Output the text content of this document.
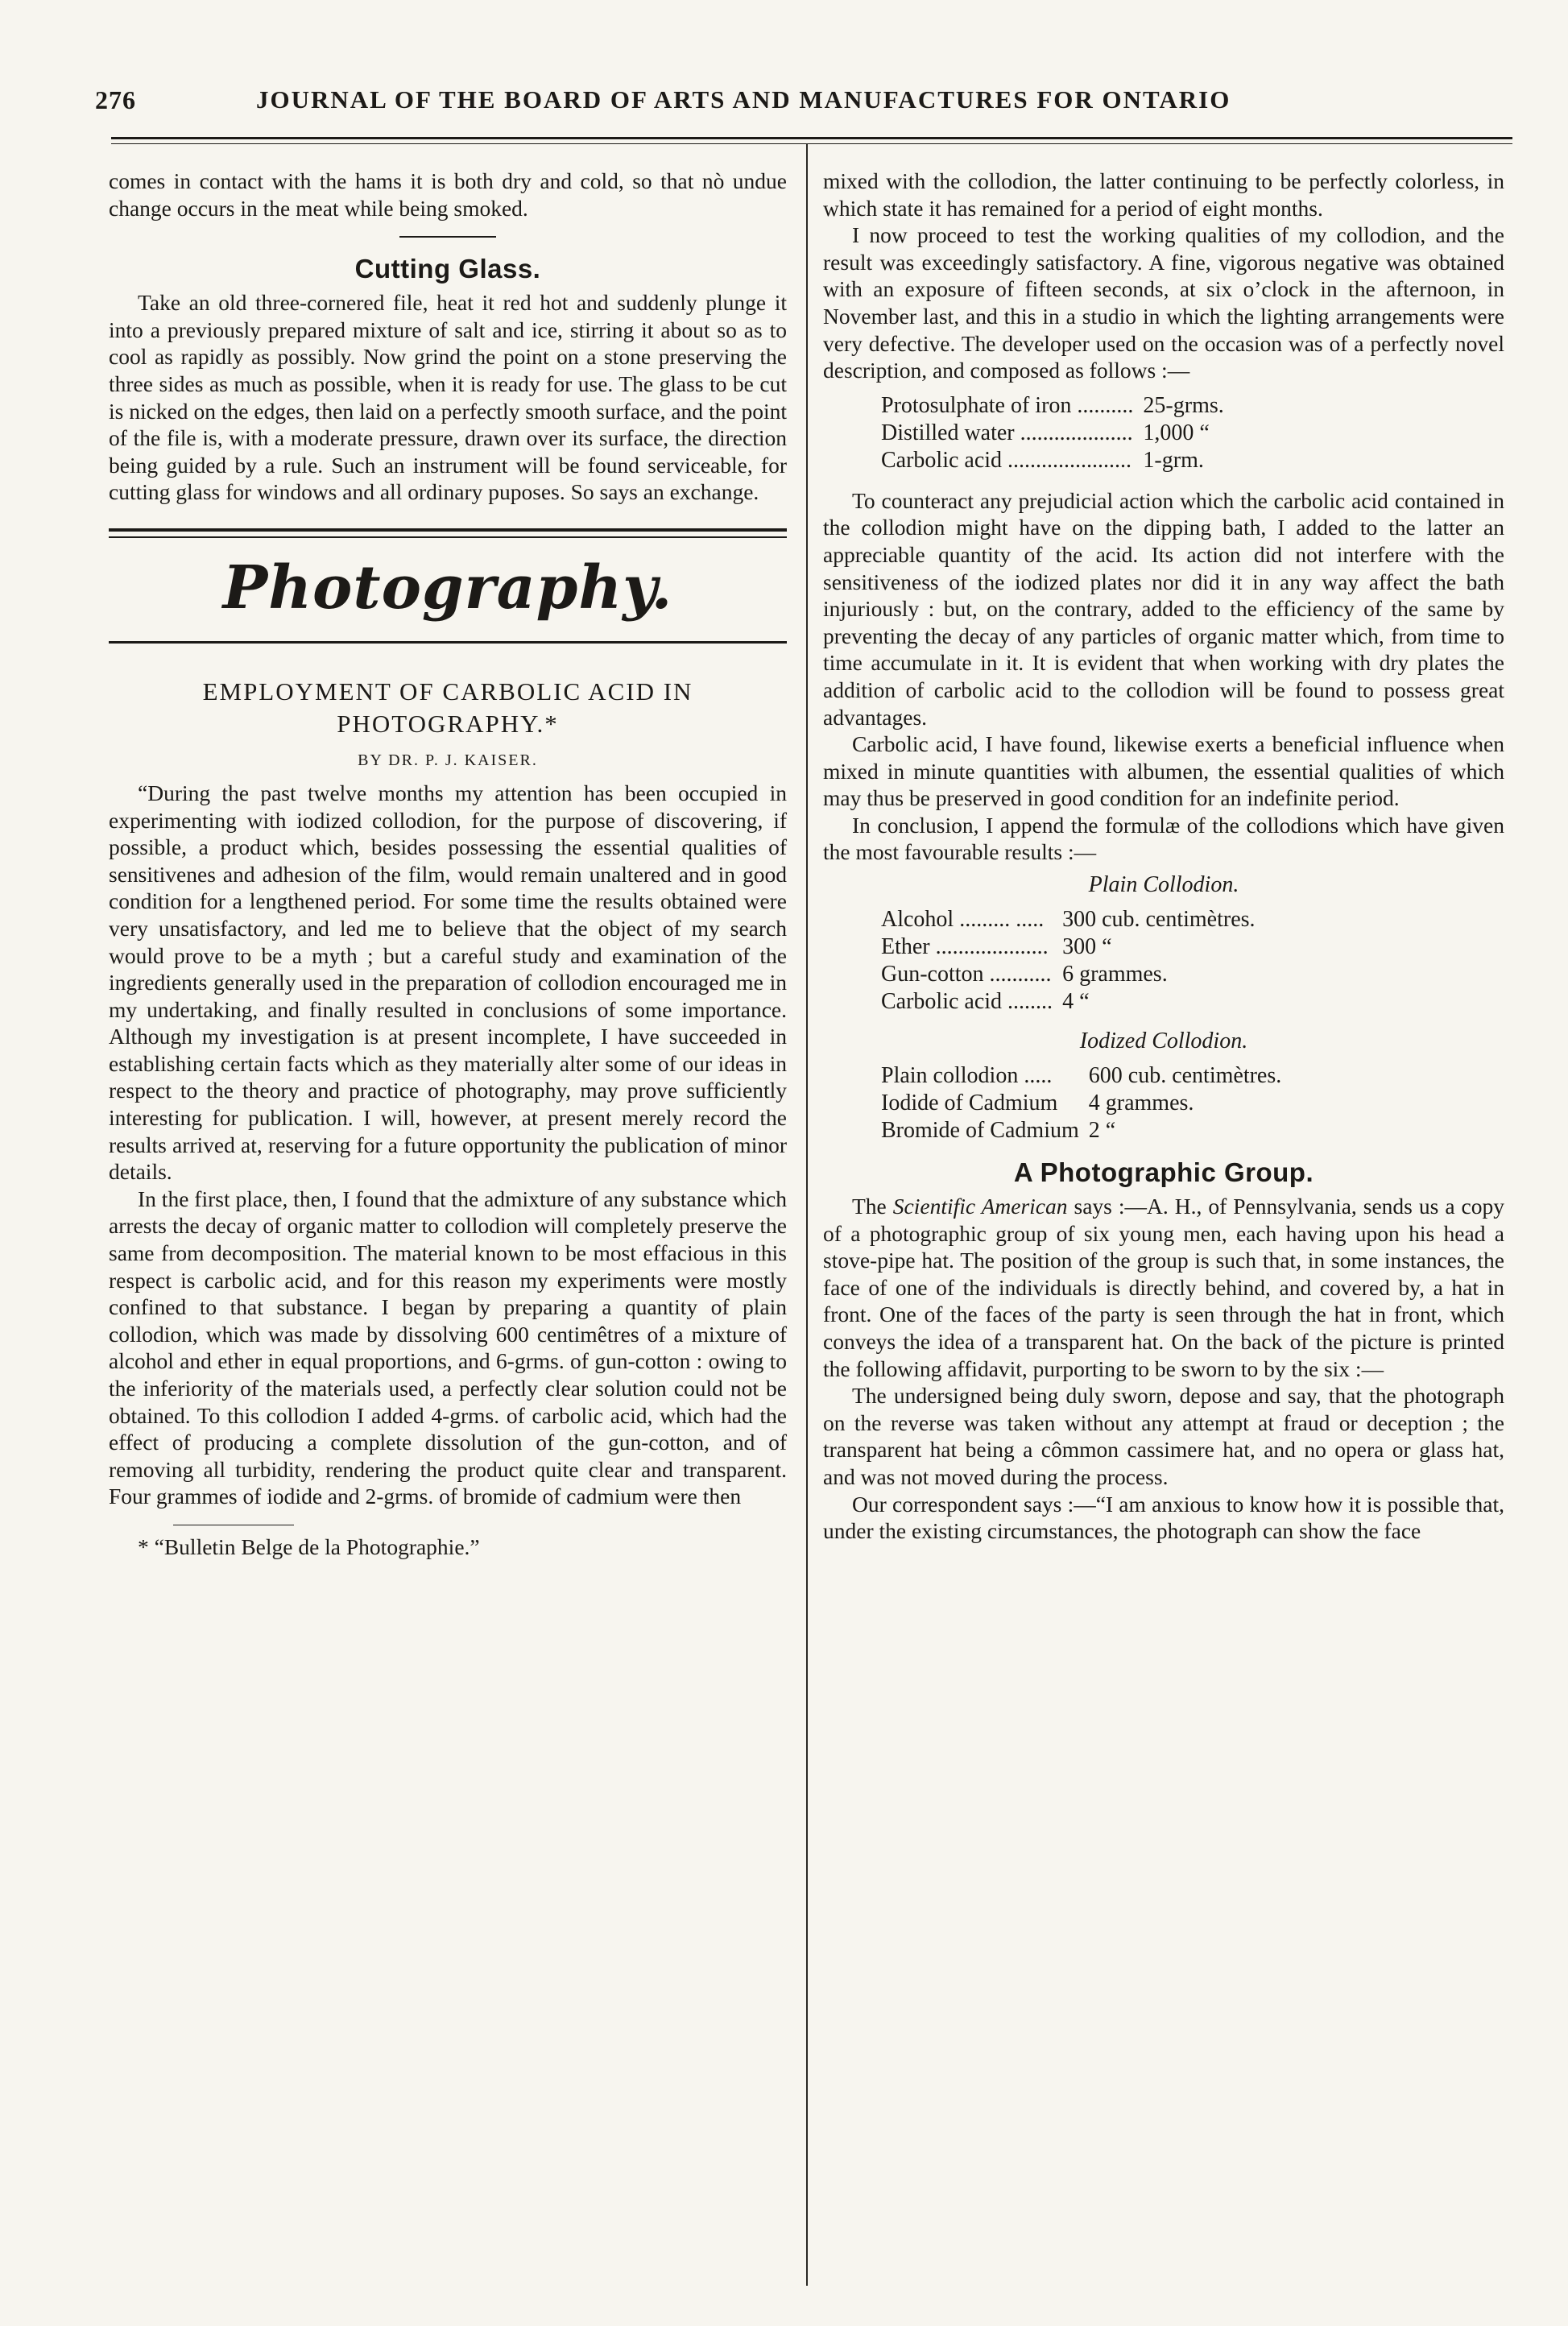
276	JOURNAL OF THE BOARD OF ARTS AND MANUFACTURES FOR ONTARIO

comes in contact with the hams it is both dry and cold, so that nò undue change occurs in the meat while being smoked.

Cutting Glass.

Take an old three-cornered file, heat it red hot and suddenly plunge it into a previously prepared mixture of salt and ice, stirring it about so as to cool as rapidly as possibly. Now grind the point on a stone preserving the three sides as much as possible, when it is ready for use. The glass to be cut is nicked on the edges, then laid on a perfectly smooth surface, and the point of the file is, with a moderate pressure, drawn over its surface, the direction being guided by a rule. Such an instrument will be found serviceable, for cutting glass for windows and all ordinary puposes. So says an exchange.

Photography.
EMPLOYMENT OF CARBOLIC ACID IN PHOTOGRAPHY.*
BY DR. P. J. KAISER.

“During the past twelve months my attention has been occupied in experimenting with iodized collodion, for the purpose of discovering, if possible, a product which, besides possessing the essential qualities of sensitivenes and adhesion of the film, would remain unaltered and in good condition for a lengthened period. For some time the results obtained were very unsatisfactory, and led me to believe that the object of my search would prove to be a myth ; but a careful study and examination of the ingredients generally used in the preparation of collodion encouraged me in my undertaking, and finally resulted in conclusions of some importance. Although my investigation is at present incomplete, I have succeeded in establishing certain facts which as they materially alter some of our ideas in respect to the theory and practice of photography, may prove sufficiently interesting for publication. I will, however, at present merely record the results arrived at, reserving for a future opportunity the publication of minor details.

In the first place, then, I found that the admixture of any substance which arrests the decay of organic matter to collodion will completely preserve the same from decomposition. The material known to be most effacious in this respect is carbolic acid, and for this reason my experiments were mostly confined to that substance. I began by preparing a quantity of plain collodion, which was made by dissolving 600 centimêtres of a mixture of alcohol and ether in equal proportions, and 6-grms. of gun-cotton : owing to the inferiority of the materials used, a perfectly clear solution could not be obtained. To this collodion I added 4-grms. of carbolic acid, which had the effect of producing a complete dissolution of the gun-cotton, and of removing all turbidity, rendering the product quite clear and transparent. Four grammes of iodide and 2-grms. of bromide of cadmium were then

* “Bulletin Belge de la Photographie.”

mixed with the collodion, the latter continuing to be perfectly colorless, in which state it has remained for a period of eight months.

I now proceed to test the working qualities of my collodion, and the result was exceedingly satisfactory. A fine, vigorous negative was obtained with an exposure of fifteen seconds, at six o’clock in the afternoon, in November last, and this in a studio in which the lighting arrangements were very defective. The developer used on the occasion was of a perfectly novel description, and composed as follows :—

Protosulphate of iron ..........	25-grms.
Distilled water ....................	1,000 “
Carbolic acid ......................	1-grm.

To counteract any prejudicial action which the carbolic acid contained in the collodion might have on the dipping bath, I added to the latter an appreciable quantity of the acid. Its action did not interfere with the sensitiveness of the iodized plates nor did it in any way affect the bath injuriously : but, on the contrary, added to the efficiency of the same by preventing the decay of any particles of organic matter which, from time to time accumulate in it. It is evident that when working with dry plates the addition of carbolic acid to the collodion will be found to possess great advantages.

Carbolic acid, I have found, likewise exerts a beneficial influence when mixed in minute quantities with albumen, the essential qualities of which may thus be preserved in good condition for an indefinite period.

In conclusion, I append the formulæ of the collodions which have given the most favourable results :—

Plain Collodion.
Alcohol ......... .....	300 cub. centimètres.
Ether ....................	300 “
Gun-cotton ...........	6 grammes.
Carbolic acid ........	4 “
Iodized Collodion.
Plain collodion .....	600 cub. centimètres.
Iodide of Cadmium	4 grammes.
Bromide of Cadmium	2 “
A Photographic Group.

The Scientific American says :—A. H., of Pennsylvania, sends us a copy of a photographic group of six young men, each having upon his head a stove-pipe hat. The position of the group is such that, in some instances, the face of one of the individuals is directly behind, and covered by, a hat in front. One of the faces of the party is seen through the hat in front, which conveys the idea of a transparent hat. On the back of the picture is printed the following affidavit, purporting to be sworn to by the six :—

The undersigned being duly sworn, depose and say, that the photograph on the reverse was taken without any attempt at fraud or deception ; the transparent hat being a cômmon cassimere hat, and no opera or glass hat, and was not moved during the process.

Our correspondent says :—“I am anxious to know how it is possible that, under the existing circumstances, the photograph can show the face
